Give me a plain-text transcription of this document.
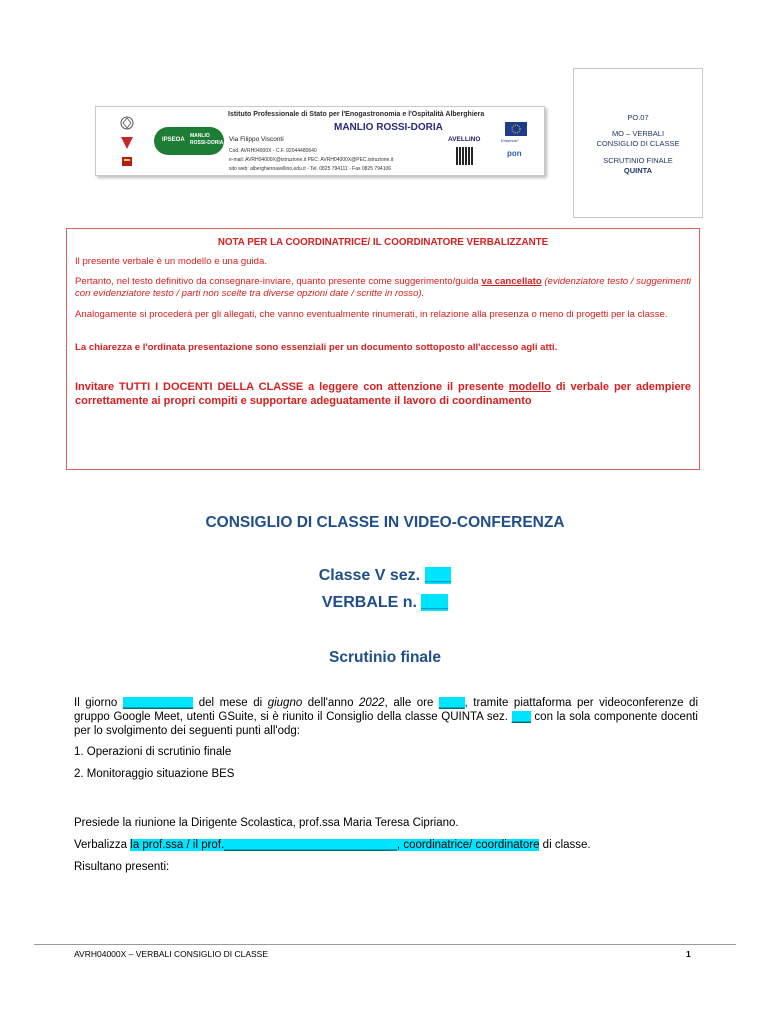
IPSEOA
MANLIO
ROSSI-DORIA
Istituto Professionale di Stato per l'Enogastronomia e l'Ospitalità Alberghiera
MANLIO ROSSI-DORIA
AVELLINO
Via Filippo Visconti
Cod. AVRH04000X - C.F. 92044480640
e-mail: AVRH04000X@istruzione.it PEC: AVRH04000X@PEC.istruzione.it
sito web: alberghieroavellino.edu.it - Tel. 0825 794111 - Fax 0825 794106
Erasmus+
pon
PO.07
MO – VERBALI
CONSIGLIO DI CLASSE
SCRUTINIO FINALE
QUINTA
NOTA PER LA COORDINATRICE/ IL COORDINATORE VERBALIZZANTE
Il presente verbale è un modello e una guida.
Pertanto, nel testo definitivo da consegnare-inviare, quanto presente come suggerimento/guida va cancellato (evidenziatore testo / suggerimenti con evidenziatore testo / parti non scelte tra diverse opzioni date / scritte in rosso).
Analogamente si procederà per gli allegati, che vanno eventualmente rinumerati, in relazione alla presenza o meno di progetti per la classe.
La chiarezza e l'ordinata presentazione sono essenziali per un documento sottoposto all'accesso agli atti.
Invitare TUTTI I DOCENTI DELLA CLASSE a leggere con attenzione il presente modello di verbale per adempiere correttamente ai propri compiti e supportare adeguatamente il lavoro di coordinamento
CONSIGLIO DI CLASSE IN VIDEO-CONFERENZA
Classe V sez. ___
VERBALE n. ___
Scrutinio finale
Il giorno ___________ del mese di giugno dell'anno 2022, alle ore ____, tramite piattaforma per videoconferenze di gruppo Google Meet, utenti GSuite, si è riunito il Consiglio della classe QUINTA sez. ___ con la sola componente docenti per lo svolgimento dei seguenti punti all'odg:
1. Operazioni di scrutinio finale
2. Monitoraggio situazione BES
Presiede la riunione la Dirigente Scolastica, prof.ssa Maria Teresa Cipriano.
Verbalizza la prof.ssa / il prof.___________________________, coordinatrice/ coordinatore di classe.
Risultano presenti:
AVRH04000X – VERBALI CONSIGLIO DI CLASSE	1
